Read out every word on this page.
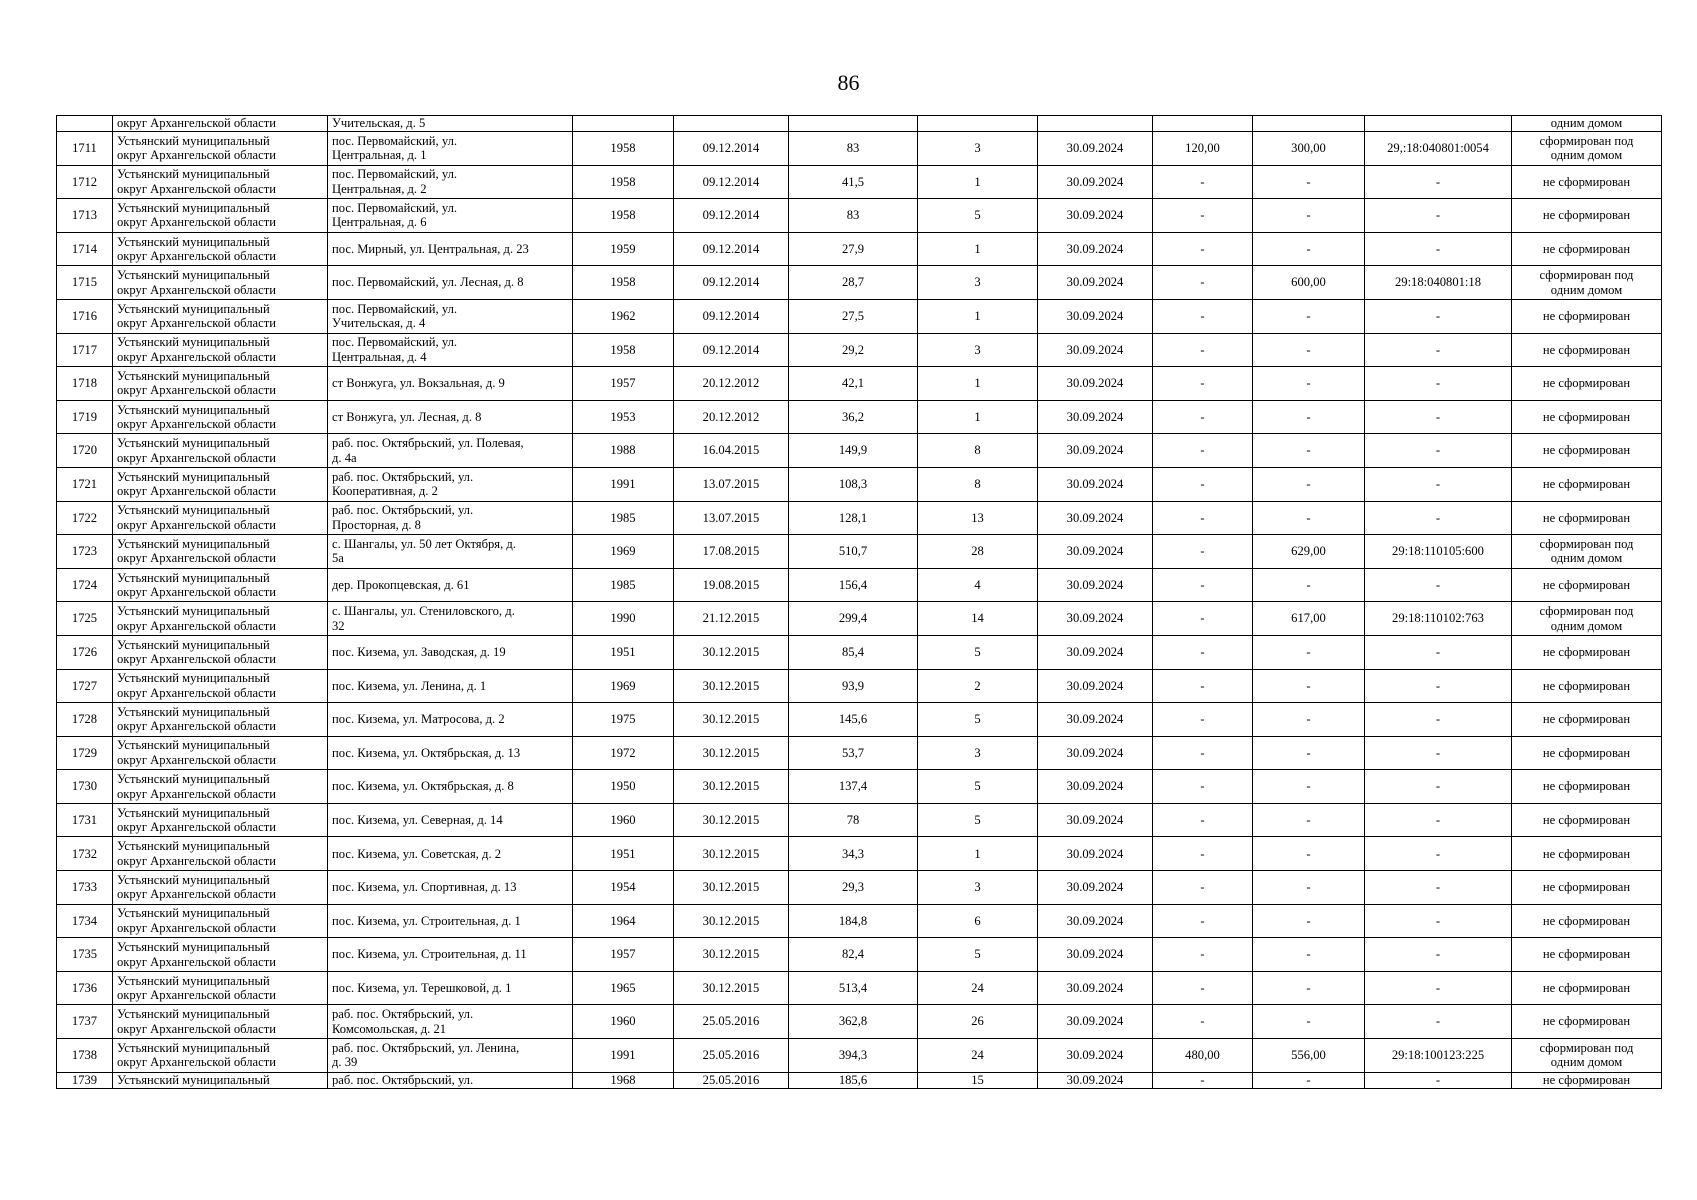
86
	округ Архангельской области	Учительская, д. 5									одним домом
1711	Устьянский муниципальный
округ Архангельской области	пос. Первомайский, ул.
Центральная, д. 1	1958	09.12.2014	83	3	30.09.2024	120,00	300,00	29,:18:040801:0054	сформирован под
одним домом

1712	Устьянский муниципальный
округ Архангельской области	пос. Первомайский, ул.
Центральная, д. 2	1958	09.12.2014	41,5	1	30.09.2024	-	-	-	не сформирован

1713	Устьянский муниципальный
округ Архангельской области	пос. Первомайский, ул.
Центральная, д. 6	1958	09.12.2014	83	5	30.09.2024	-	-	-	не сформирован

1714	Устьянский муниципальный
округ Архангельской области	пос. Мирный, ул. Центральная, д. 23	1959	09.12.2014	27,9	1	30.09.2024	-	-	-	не сформирован

1715	Устьянский муниципальный
округ Архангельской области	пос. Первомайский, ул. Лесная, д. 8	1958	09.12.2014	28,7	3	30.09.2024	-	600,00	29:18:040801:18	сформирован под
одним домом

1716	Устьянский муниципальный
округ Архангельской области	пос. Первомайский, ул.
Учительская, д. 4	1962	09.12.2014	27,5	1	30.09.2024	-	-	-	не сформирован

1717	Устьянский муниципальный
округ Архангельской области	пос. Первомайский, ул.
Центральная, д. 4	1958	09.12.2014	29,2	3	30.09.2024	-	-	-	не сформирован

1718	Устьянский муниципальный
округ Архангельской области	ст Вонжуга, ул. Вокзальная, д. 9	1957	20.12.2012	42,1	1	30.09.2024	-	-	-	не сформирован

1719	Устьянский муниципальный
округ Архангельской области	ст Вонжуга, ул. Лесная, д. 8	1953	20.12.2012	36,2	1	30.09.2024	-	-	-	не сформирован

1720	Устьянский муниципальный
округ Архангельской области	раб. пос. Октябрьский, ул. Полевая,
д. 4а	1988	16.04.2015	149,9	8	30.09.2024	-	-	-	не сформирован

1721	Устьянский муниципальный
округ Архангельской области	раб. пос. Октябрьский, ул.
Кооперативная, д. 2	1991	13.07.2015	108,3	8	30.09.2024	-	-	-	не сформирован

1722	Устьянский муниципальный
округ Архангельской области	раб. пос. Октябрьский, ул.
Просторная, д. 8	1985	13.07.2015	128,1	13	30.09.2024	-	-	-	не сформирован

1723	Устьянский муниципальный
округ Архангельской области	с. Шангалы, ул. 50 лет Октября, д.
5а	1969	17.08.2015	510,7	28	30.09.2024	-	629,00	29:18:110105:600	сформирован под
одним домом

1724	Устьянский муниципальный
округ Архангельской области	дер. Прокопцевская, д. 61	1985	19.08.2015	156,4	4	30.09.2024	-	-	-	не сформирован

1725	Устьянский муниципальный
округ Архангельской области	с. Шангалы, ул. Стениловского, д.
32	1990	21.12.2015	299,4	14	30.09.2024	-	617,00	29:18:110102:763	сформирован под
одним домом

1726	Устьянский муниципальный
округ Архангельской области	пос. Кизема, ул. Заводская, д. 19	1951	30.12.2015	85,4	5	30.09.2024	-	-	-	не сформирован

1727	Устьянский муниципальный
округ Архангельской области	пос. Кизема, ул. Ленина, д. 1	1969	30.12.2015	93,9	2	30.09.2024	-	-	-	не сформирован

1728	Устьянский муниципальный
округ Архангельской области	пос. Кизема, ул. Матросова, д. 2	1975	30.12.2015	145,6	5	30.09.2024	-	-	-	не сформирован

1729	Устьянский муниципальный
округ Архангельской области	пос. Кизема, ул. Октябрьская, д. 13	1972	30.12.2015	53,7	3	30.09.2024	-	-	-	не сформирован

1730	Устьянский муниципальный
округ Архангельской области	пос. Кизема, ул. Октябрьская, д. 8	1950	30.12.2015	137,4	5	30.09.2024	-	-	-	не сформирован

1731	Устьянский муниципальный
округ Архангельской области	пос. Кизема, ул. Северная, д. 14	1960	30.12.2015	78	5	30.09.2024	-	-	-	не сформирован

1732	Устьянский муниципальный
округ Архангельской области	пос. Кизема, ул. Советская, д. 2	1951	30.12.2015	34,3	1	30.09.2024	-	-	-	не сформирован

1733	Устьянский муниципальный
округ Архангельской области	пос. Кизема, ул. Спортивная, д. 13	1954	30.12.2015	29,3	3	30.09.2024	-	-	-	не сформирован

1734	Устьянский муниципальный
округ Архангельской области	пос. Кизема, ул. Строительная, д. 1	1964	30.12.2015	184,8	6	30.09.2024	-	-	-	не сформирован

1735	Устьянский муниципальный
округ Архангельской области	пос. Кизема, ул. Строительная, д. 11	1957	30.12.2015	82,4	5	30.09.2024	-	-	-	не сформирован

1736	Устьянский муниципальный
округ Архангельской области	пос. Кизема, ул. Терешковой, д. 1	1965	30.12.2015	513,4	24	30.09.2024	-	-	-	не сформирован

1737	Устьянский муниципальный
округ Архангельской области	раб. пос. Октябрьский, ул.
Комсомольская, д. 21	1960	25.05.2016	362,8	26	30.09.2024	-	-	-	не сформирован

1738	Устьянский муниципальный
округ Архангельской области	раб. пос. Октябрьский, ул. Ленина,
д. 39	1991	25.05.2016	394,3	24	30.09.2024	480,00	556,00	29:18:100123:225	сформирован под
одним домом

1739	Устьянский муниципальный	раб. пос. Октябрьский, ул.	1968	25.05.2016	185,6	15	30.09.2024	-	-	-	не сформирован
